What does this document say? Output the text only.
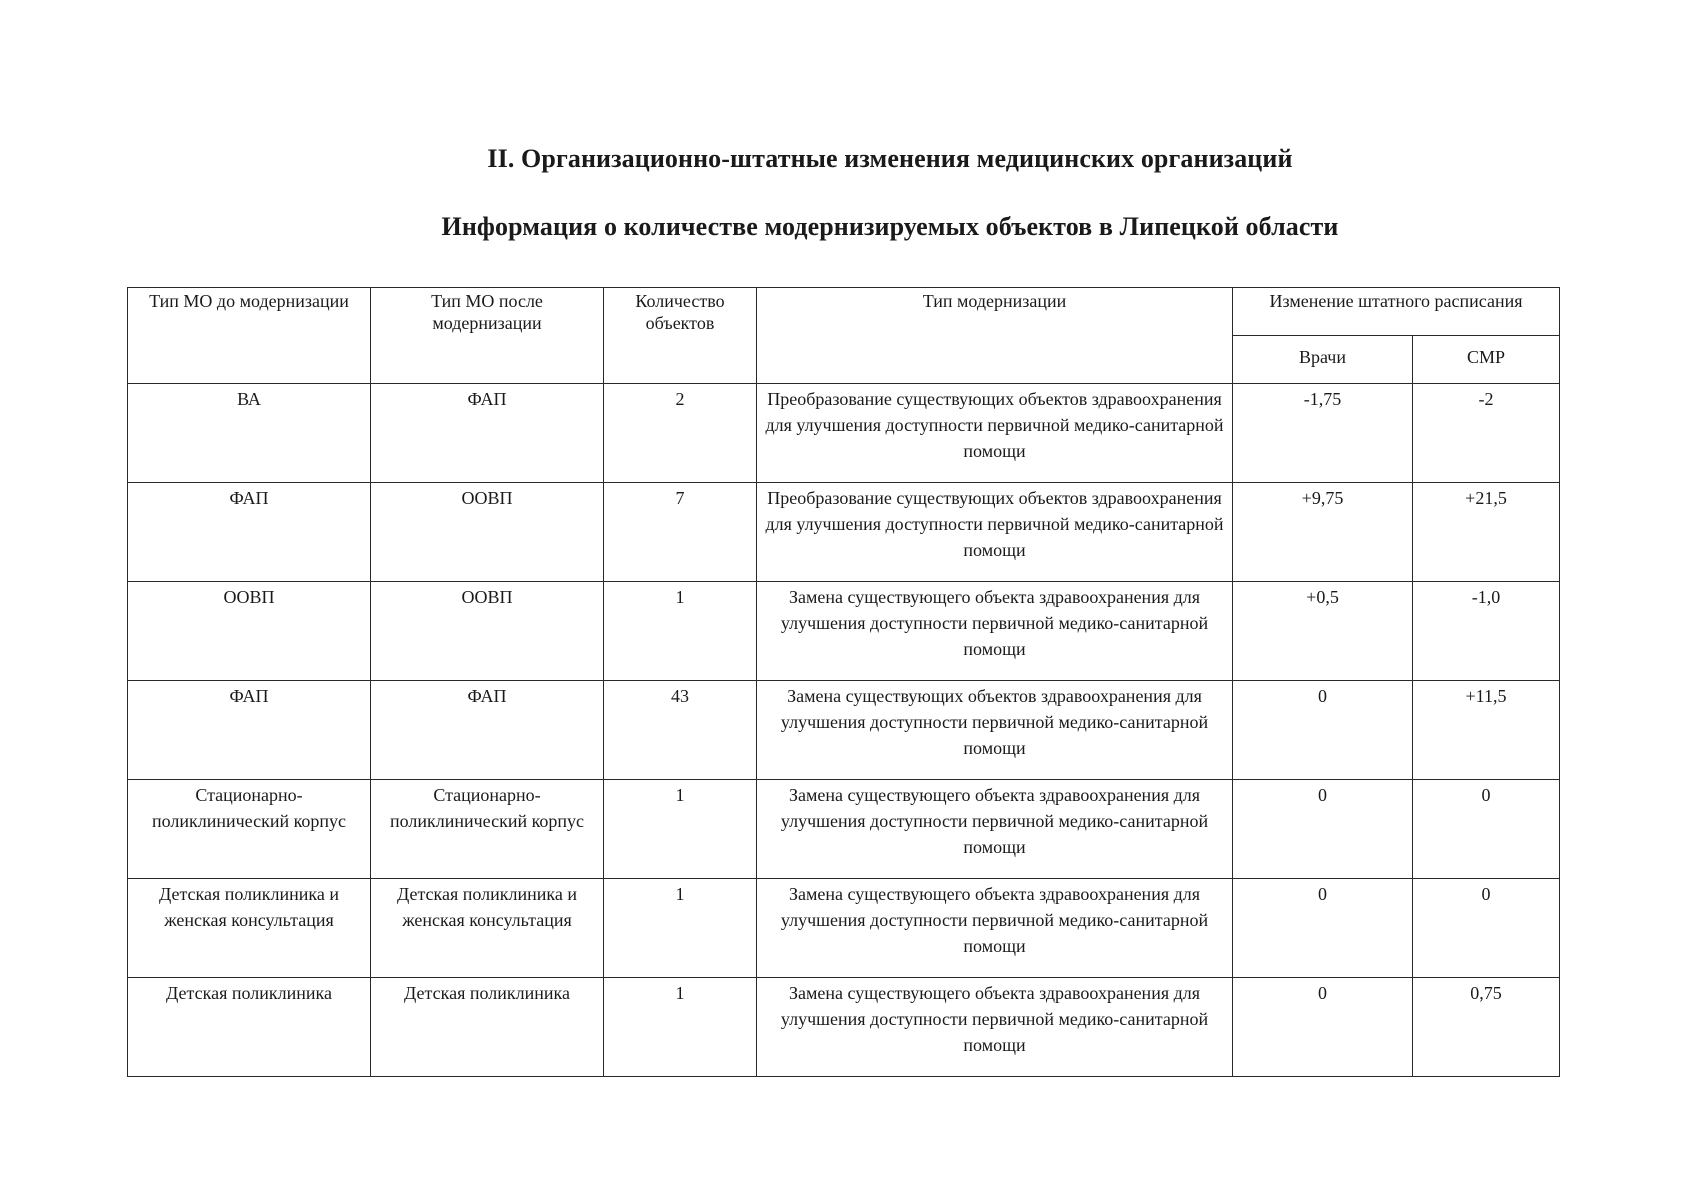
II. Организационно-штатные изменения медицинских организаций
Информация о количестве модернизируемых объектов в Липецкой области
Тип МО до модернизации	Тип МО после модернизации	Количество объектов	Тип модернизации	Изменение штатного расписания	
				Врачи	СМР
ВА	ФАП	2	Преобразование существующих объектов здравоохранения для улучшения доступности первичной медико-санитарной помощи	-1,75	-2
ФАП	ООВП	7	Преобразование существующих объектов здравоохранения для улучшения доступности первичной медико-санитарной помощи	+9,75	+21,5
ООВП	ООВП	1	Замена существующего объекта здравоохранения для улучшения доступности первичной медико-санитарной помощи	+0,5	-1,0
ФАП	ФАП	43	Замена существующих объектов здравоохранения для улучшения доступности первичной медико-санитарной помощи	0	+11,5
Стационарно-поликлинический корпус	Стационарно-поликлинический корпус	1	Замена существующего объекта здравоохранения для улучшения доступности первичной медико-санитарной помощи	0	0
Детская поликлиника и женская консультация	Детская поликлиника и женская консультация	1	Замена существующего объекта здравоохранения для улучшения доступности первичной медико-санитарной помощи	0	0
Детская поликлиника	Детская поликлиника	1	Замена существующего объекта здравоохранения для улучшения доступности первичной медико-санитарной помощи	0	0,75
